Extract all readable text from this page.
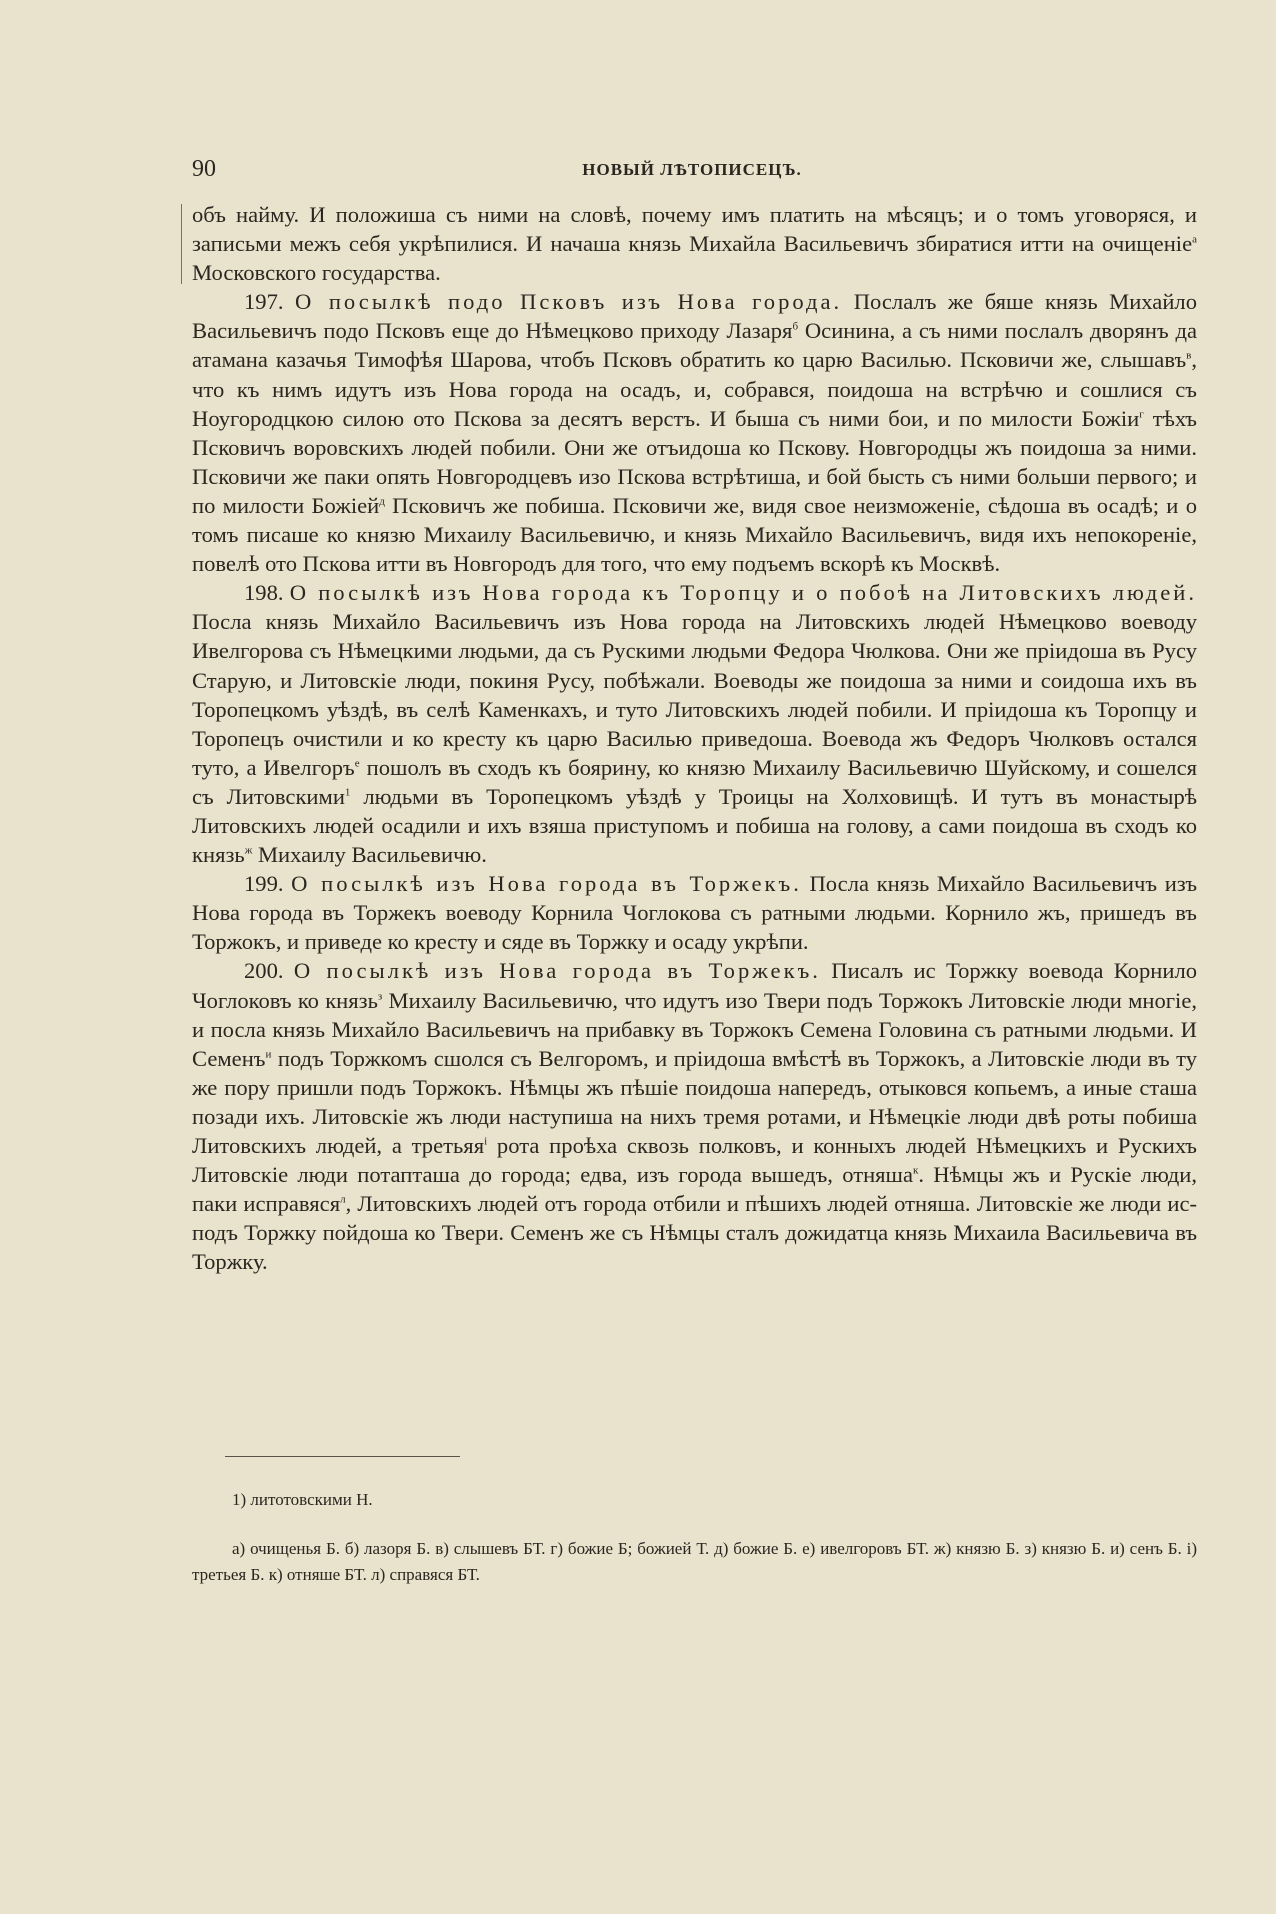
90	НОВЫЙ ЛѢТОПИСЕЦЪ.

объ найму. И положиша съ ними на словѣ, почему имъ платить на мѣсяцъ; и о томъ уговоряся, и записьми межъ себя укрѣпилися. И начаша князь Михайла Васильевичъ збиратися итти на очищеніе$^а$ Московского государства.

197. О посылкѣ подо Псковъ изъ Нова города. Послалъ же бяше князь Михайло Васильевичъ подо Псковъ еще до Нѣмецково приходу Лазаря$^б$ Осинина, а съ ними послалъ дворянъ да атамана казачья Тимофѣя Шарова, чтобъ Псковъ обратить ко царю Василью. Псковичи же, слышавъ$^в$, что къ нимъ идутъ изъ Нова города на осадъ, и, собрався, поидоша на встрѣчю и сошлися съ Ноугородцкою силою ото Пскова за десятъ верстъ. И быша съ ними бои, и по милости Божіи$^г$ тѣхъ Псковичъ воровскихъ людей побили. Они же отъидоша ко Пскову. Новгородцы жъ поидоша за ними. Псковичи же паки опять Новгородцевъ изо Пскова встрѣтиша, и бой бысть съ ними больши первого; и по милости Божіей$^д$ Псковичъ же побиша. Псковичи же, видя свое неизможеніе, сѣдоша въ осадѣ; и о томъ писаше ко князю Михаилу Васильевичю, и князь Михайло Васильевичъ, видя ихъ непокореніе, повелѣ ото Пскова итти въ Новгородъ для того, что ему подъемъ вскорѣ къ Москвѣ.

198. О посылкѣ изъ Нова города къ Торопцу и о побоѣ на Литовскихъ людей. Посла князь Михайло Васильевичъ изъ Нова города на Литовскихъ людей Нѣмецково воеводу Ивелгорова съ Нѣмецкими людьми, да съ Рускими людьми Федора Чюлкова. Они же пріидоша въ Русу Старую, и Литовскіе люди, покиня Русу, побѣжали. Воеводы же поидоша за ними и соидоша ихъ въ Торопецкомъ уѣздѣ, въ селѣ Каменкахъ, и туто Литовскихъ людей побили. И пріидоша къ Торопцу и Торопецъ очистили и ко кресту къ царю Василью приведоша. Воевода жъ Федоръ Чюлковъ остался туто, а Ивелгоръ$^е$ пошолъ въ сходъ къ боярину, ко князю Михаилу Васильевичю Шуйскому, и сошелся съ Литовскими$^1$ людьми въ Торопецкомъ уѣздѣ у Троицы на Холховищѣ. И тутъ въ монастырѣ Литовскихъ людей осадили и ихъ взяша приступомъ и побиша на голову, а сами поидоша въ сходъ ко князь$^ж$ Михаилу Васильевичю.

199. О посылкѣ изъ Нова города въ Торжекъ. Посла князь Михайло Васильевичъ изъ Нова города въ Торжекъ воеводу Корнила Чоглокова съ ратными людьми. Корнило жъ, пришедъ въ Торжокъ, и приведе ко кресту и сяде въ Торжку и осаду укрѣпи.

200. О посылкѣ изъ Нова города въ Торжекъ. Писалъ ис Торжку воевода Корнило Чоглоковъ ко князь$^з$ Михаилу Васильевичю, что идутъ изо Твери подъ Торжокъ Литовскіе люди многіе, и посла князь Михайло Васильевичъ на прибавку въ Торжокъ Семена Головина съ ратными людьми. И Семенъ$^и$ подъ Торжкомъ сшолся съ Велгоромъ, и пріидоша вмѣстѣ въ Торжокъ, а Литовскіе люди въ ту же пору пришли подъ Торжокъ. Нѣмцы жъ пѣшіе поидоша напередъ, отыковся копьемъ, а иные сташа позади ихъ. Литовскіе жъ люди наступиша на нихъ тремя ротами, и Нѣмецкіе люди двѣ роты побиша Литовскихъ людей, а третьяя$^і$ рота проѣха сквозь полковъ, и конныхъ людей Нѣмецкихъ и Рускихъ Литовскіе люди потапташа до города; едва, изъ города вышедъ, отняша$^к$. Нѣмцы жъ и Рускіе люди, паки исправяся$^л$, Литовскихъ людей отъ города отбили и пѣшихъ людей отняша. Литовскіе же люди ис-подъ Торжку пойдоша ко Твери. Семенъ же съ Нѣмцы сталъ дожидатца князь Михаила Васильевича въ Торжку.

1) литотовскими Н.
а) очищенья Б. б) лазоря Б. в) слышевъ БТ. г) божие Б; божией Т. д) божие Б. е) ивелгоровъ БТ. ж) князю Б. з) князю Б. и) сенъ Б. і) третьея Б. к) отняше БТ. л) справяся БТ.
